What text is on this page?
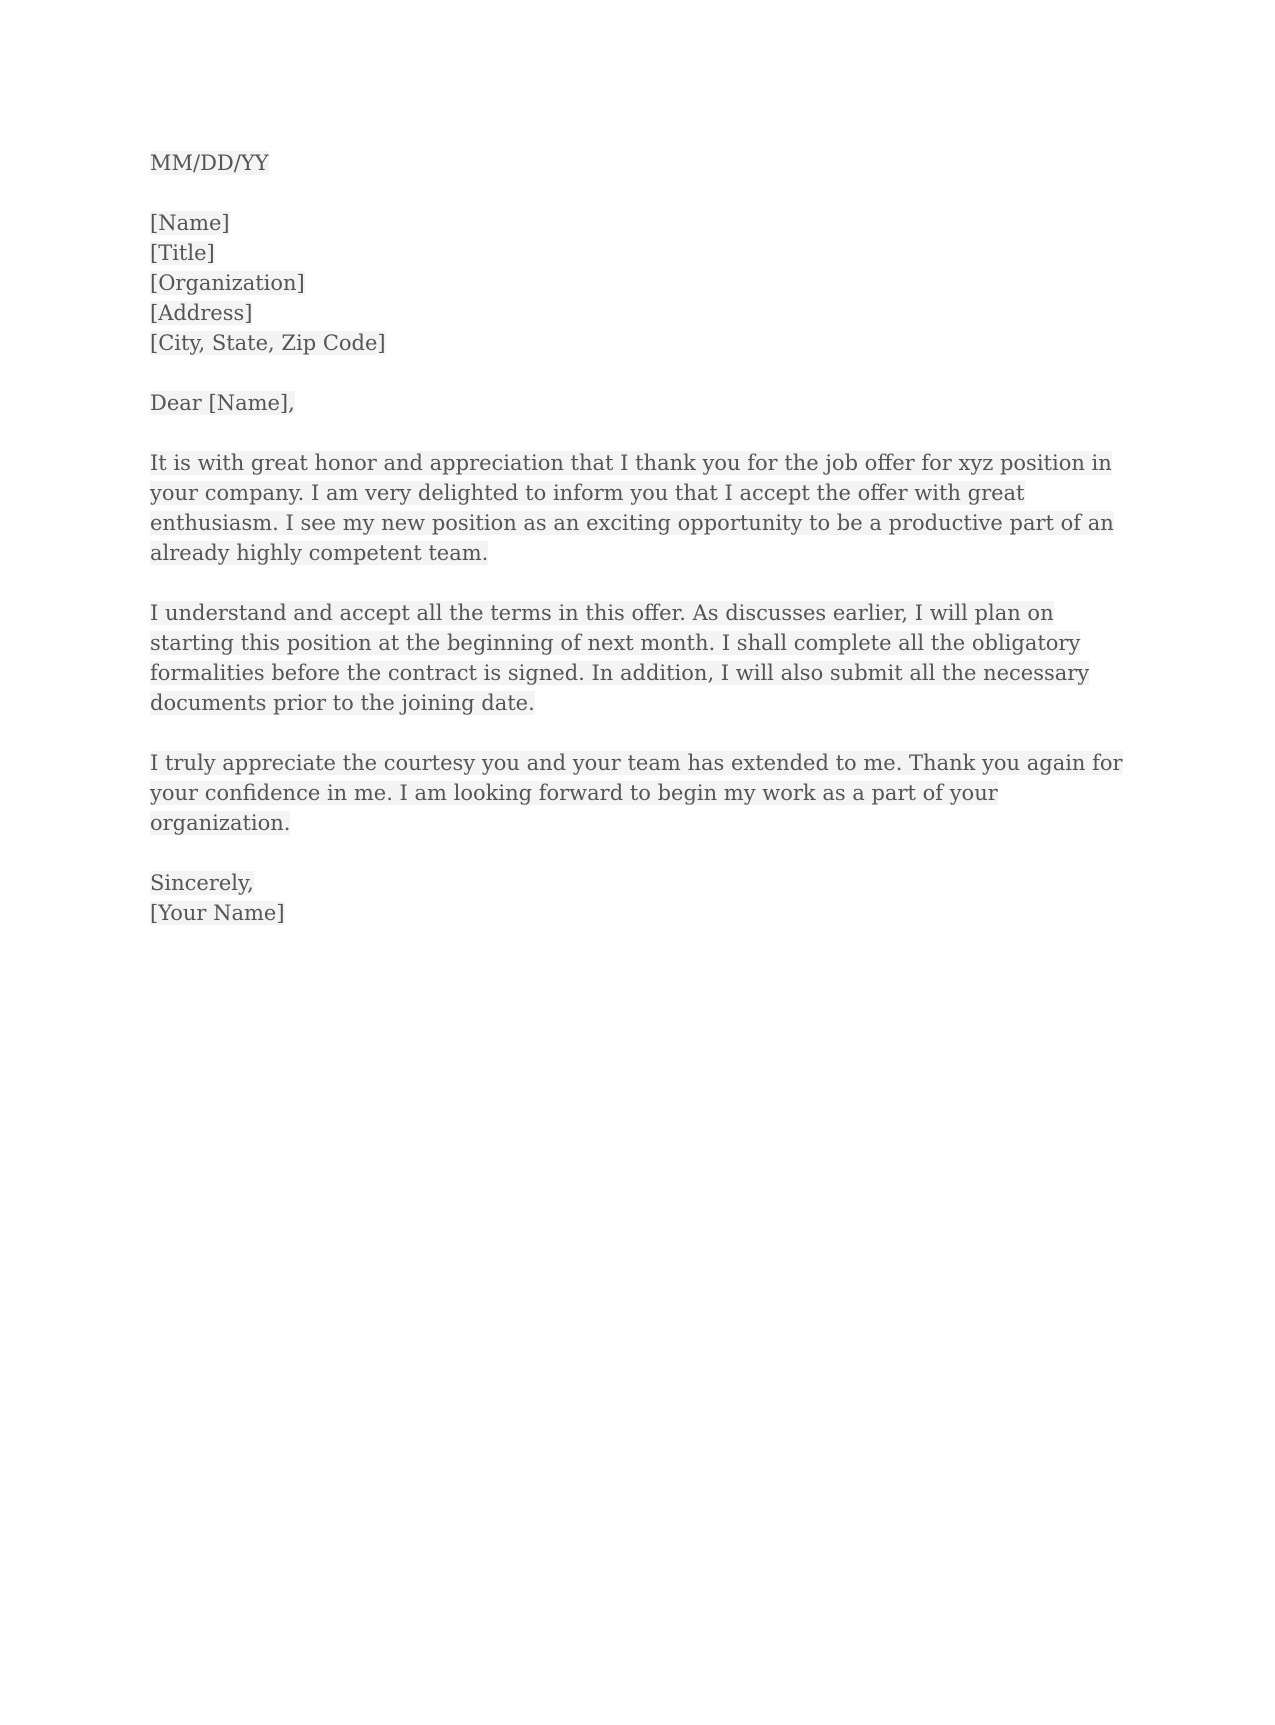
MM/DD/YY
[Name]
[Title]
[Organization]
[Address]
[City, State, Zip Code]
Dear [Name],

It is with great honor and appreciation that I thank you for the job offer for xyz position in your company. I am very delighted to inform you that I accept the offer with great enthusiasm. I see my new position as an exciting opportunity to be a productive part of an already highly competent team.

I understand and accept all the terms in this offer. As discusses earlier, I will plan on starting this position at the beginning of next month. I shall complete all the obligatory formalities before the contract is signed. In addition, I will also submit all the necessary documents prior to the joining date.

I truly appreciate the courtesy you and your team has extended to me. Thank you again for your confidence in me. I am looking forward to begin my work as a part of your organization.

Sincerely,
[Your Name]
